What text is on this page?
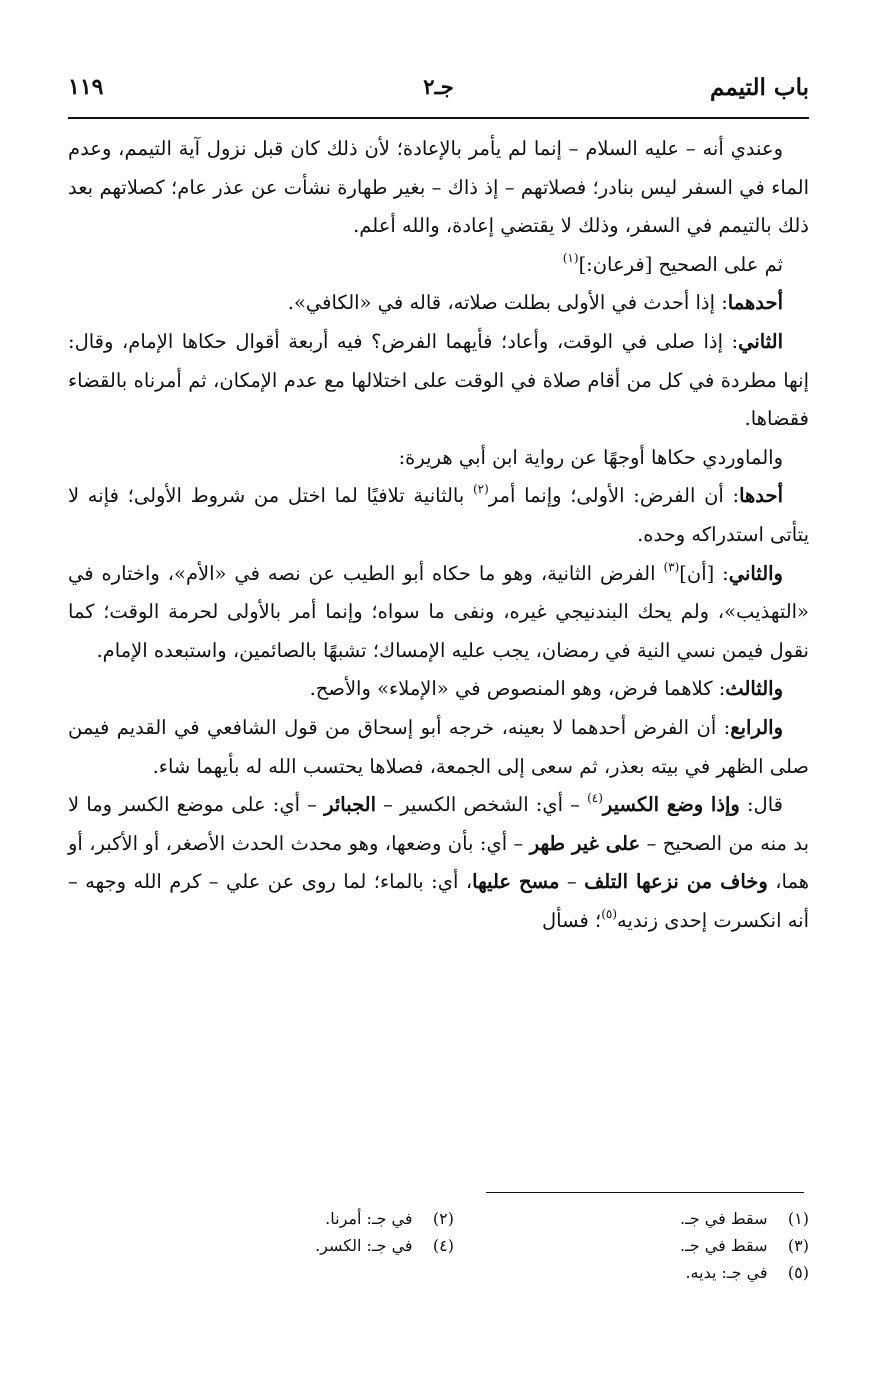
باب التيمم
جـ٢
١١٩

وعندي أنه – عليه السلام – إنما لم يأمر بالإعادة؛ لأن ذلك كان قبل نزول آية التيمم، وعدم الماء في السفر ليس بنادر؛ فصلاتهم – إذ ذاك – بغير طهارة نشأت عن عذر عام؛ كصلاتهم بعد ذلك بالتيمم في السفر، وذلك لا يقتضي إعادة، والله أعلم.

ثم على الصحيح [فرعان:]$^{(١)}$

أحدهما: إذا أحدث في الأولى بطلت صلاته، قاله في «الكافي».

الثاني: إذا صلى في الوقت، وأعاد؛ فأيهما الفرض؟ فيه أربعة أقوال حكاها الإمام، وقال: إنها مطردة في كل من أقام صلاة في الوقت على اختلالها مع عدم الإمكان، ثم أمرناه بالقضاء فقضاها.

والماوردي حكاها أوجهًا عن رواية ابن أبي هريرة:

أحدها: أن الفرض: الأولى؛ وإنما أمر$^{(٢)}$ بالثانية تلافيًا لما اختل من شروط الأولى؛ فإنه لا يتأتى استدراكه وحده.

والثاني: [أن]$^{(٣)}$ الفرض الثانية، وهو ما حكاه أبو الطيب عن نصه في «الأم»، واختاره في «التهذيب»، ولم يحك البندنيجي غيره، ونفى ما سواه؛ وإنما أمر بالأولى لحرمة الوقت؛ كما نقول فيمن نسي النية في رمضان، يجب عليه الإمساك؛ تشبهًا بالصائمين، واستبعده الإمام.

والثالث: كلاهما فرض، وهو المنصوص في «الإملاء» والأصح.

والرابع: أن الفرض أحدهما لا بعينه، خرجه أبو إسحاق من قول الشافعي في القديم فيمن صلى الظهر في بيته بعذر، ثم سعى إلى الجمعة، فصلاها يحتسب الله له بأيهما شاء.

قال: وإذا وضع الكسير$^{(٤)}$ – أي: الشخص الكسير – الجبائر – أي: على موضع الكسر وما لا بد منه من الصحيح – على غير طهر – أي: بأن وضعها، وهو محدث الحدث الأصغر، أو الأكبر، أو هما، وخاف من نزعها التلف – مسح عليها، أي: بالماء؛ لما روى عن علي – كرم الله وجهه – أنه انكسرت إحدى زنديه$^{(٥)}$؛ فسأل

(١)    سقط في جـ.
(٢)    في جـ: أمرنا.
(٣)    سقط في جـ.
(٤)    في جـ: الكسر.
(٥)    في جـ: يديه.
